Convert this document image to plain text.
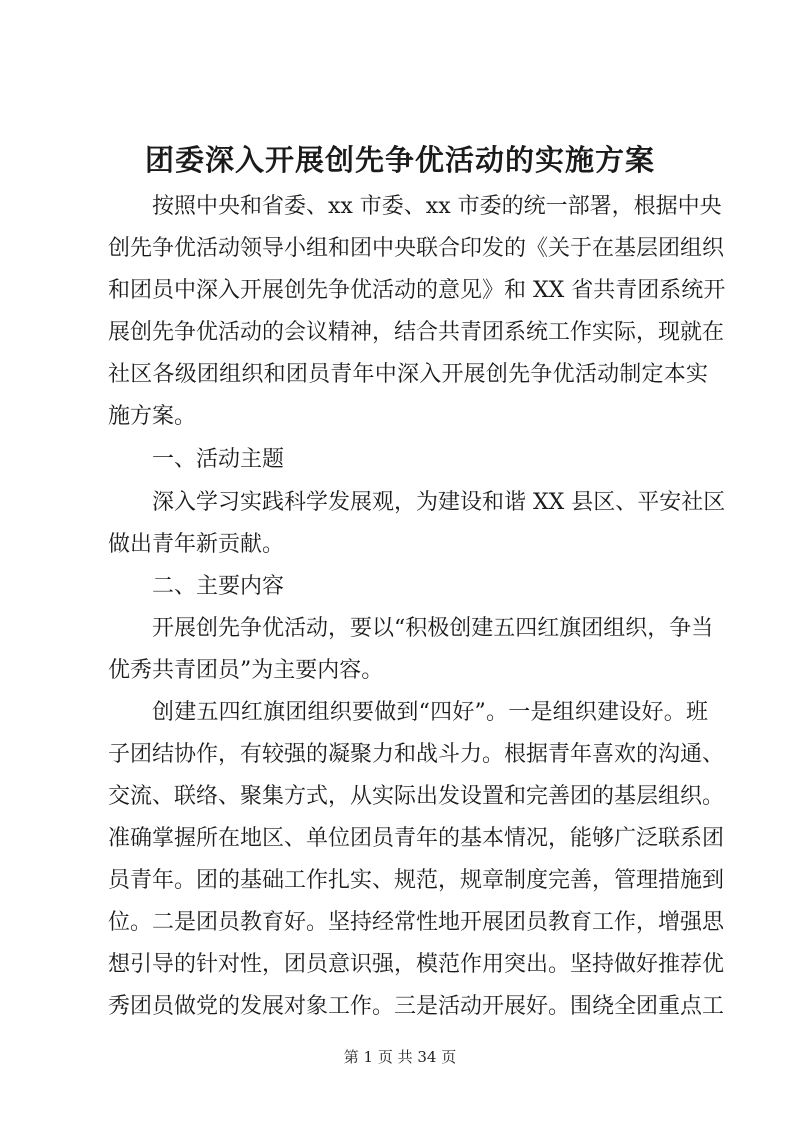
团委深入开展创先争优活动的实施方案

按照中央和省委、xx 市委、xx 市委的统一部署，根据中央

创先争优活动领导小组和团中央联合印发的《关于在基层团组织

和团员中深入开展创先争优活动的意见》和 XX 省共青团系统开

展创先争优活动的会议精神，结合共青团系统工作实际，现就在

社区各级团组织和团员青年中深入开展创先争优活动制定本实

施方案。

一、活动主题

深入学习实践科学发展观，为建设和谐 XX 县区、平安社区

做出青年新贡献。

二、主要内容

开展创先争优活动，要以“积极创建五四红旗团组织，争当

优秀共青团员”为主要内容。

创建五四红旗团组织要做到“四好”。一是组织建设好。班

子团结协作，有较强的凝聚力和战斗力。根据青年喜欢的沟通、

交流、联络、聚集方式，从实际出发设置和完善团的基层组织。

准确掌握所在地区、单位团员青年的基本情况，能够广泛联系团

员青年。团的基础工作扎实、规范，规章制度完善，管理措施到

位。二是团员教育好。坚持经常性地开展团员教育工作，增强思

想引导的针对性，团员意识强，模范作用突出。坚持做好推荐优

秀团员做党的发展对象工作。三是活动开展好。围绕全团重点工

第 1 页 共 34 页
